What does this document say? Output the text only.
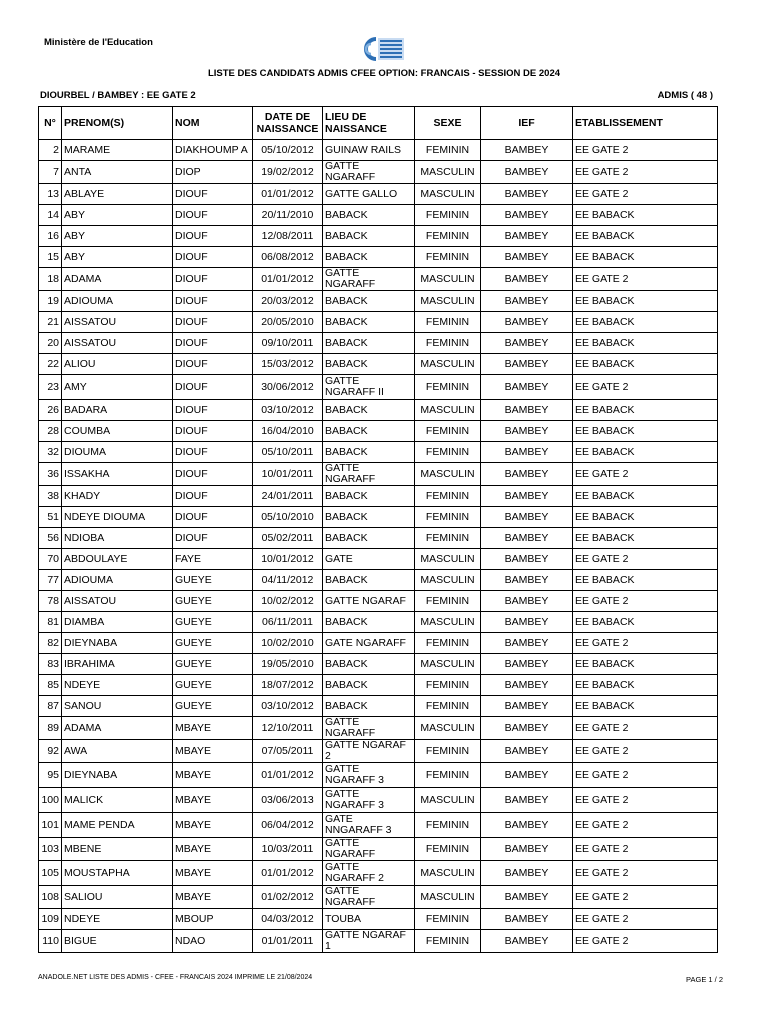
Ministère de l'Education
LISTE DES CANDIDATS ADMIS CFEE OPTION: FRANCAIS - SESSION DE 2024
DIOURBEL / BAMBEY : EE GATE 2	ADMIS ( 48 )
N°	PRENOM(S)	NOM	DATE DE NAISSANCE	LIEU DE NAISSANCE	SEXE	IEF	ETABLISSEMENT
2	MARAME	DIAKHOUMP A	05/10/2012	GUINAW RAILS	FEMININ	BAMBEY	EE GATE 2
7	ANTA	DIOP	19/02/2012	GATTE NGARAFF	MASCULIN	BAMBEY	EE GATE 2
13	ABLAYE	DIOUF	01/01/2012	GATTE GALLO	MASCULIN	BAMBEY	EE GATE 2
14	ABY	DIOUF	20/11/2010	BABACK	FEMININ	BAMBEY	EE BABACK
16	ABY	DIOUF	12/08/2011	BABACK	FEMININ	BAMBEY	EE BABACK
15	ABY	DIOUF	06/08/2012	BABACK	FEMININ	BAMBEY	EE BABACK
18	ADAMA	DIOUF	01/01/2012	GATTE NGARAFF	MASCULIN	BAMBEY	EE GATE 2
19	ADIOUMA	DIOUF	20/03/2012	BABACK	MASCULIN	BAMBEY	EE BABACK
21	AISSATOU	DIOUF	20/05/2010	BABACK	FEMININ	BAMBEY	EE BABACK
20	AISSATOU	DIOUF	09/10/2011	BABACK	FEMININ	BAMBEY	EE BABACK
22	ALIOU	DIOUF	15/03/2012	BABACK	MASCULIN	BAMBEY	EE BABACK
23	AMY	DIOUF	30/06/2012	GATTE NGARAFF II	FEMININ	BAMBEY	EE GATE 2
26	BADARA	DIOUF	03/10/2012	BABACK	MASCULIN	BAMBEY	EE BABACK
28	COUMBA	DIOUF	16/04/2010	BABACK	FEMININ	BAMBEY	EE BABACK
32	DIOUMA	DIOUF	05/10/2011	BABACK	FEMININ	BAMBEY	EE BABACK
36	ISSAKHA	DIOUF	10/01/2011	GATTE NGARAFF	MASCULIN	BAMBEY	EE GATE 2
38	KHADY	DIOUF	24/01/2011	BABACK	FEMININ	BAMBEY	EE BABACK
51	NDEYE DIOUMA	DIOUF	05/10/2010	BABACK	FEMININ	BAMBEY	EE BABACK
56	NDIOBA	DIOUF	05/02/2011	BABACK	FEMININ	BAMBEY	EE BABACK
70	ABDOULAYE	FAYE	10/01/2012	GATE	MASCULIN	BAMBEY	EE GATE 2
77	ADIOUMA	GUEYE	04/11/2012	BABACK	MASCULIN	BAMBEY	EE BABACK
78	AISSATOU	GUEYE	10/02/2012	GATTE NGARAF	FEMININ	BAMBEY	EE GATE 2
81	DIAMBA	GUEYE	06/11/2011	BABACK	MASCULIN	BAMBEY	EE BABACK
82	DIEYNABA	GUEYE	10/02/2010	GATE NGARAFF	FEMININ	BAMBEY	EE GATE 2
83	IBRAHIMA	GUEYE	19/05/2010	BABACK	MASCULIN	BAMBEY	EE BABACK
85	NDEYE	GUEYE	18/07/2012	BABACK	FEMININ	BAMBEY	EE BABACK
87	SANOU	GUEYE	03/10/2012	BABACK	FEMININ	BAMBEY	EE BABACK
89	ADAMA	MBAYE	12/10/2011	GATTE NGARAFF	MASCULIN	BAMBEY	EE GATE 2
92	AWA	MBAYE	07/05/2011	GATTE NGARAF 2	FEMININ	BAMBEY	EE GATE 2
95	DIEYNABA	MBAYE	01/01/2012	GATTE NGARAFF 3	FEMININ	BAMBEY	EE GATE 2
100	MALICK	MBAYE	03/06/2013	GATTE NGARAFF 3	MASCULIN	BAMBEY	EE GATE 2
101	MAME PENDA	MBAYE	06/04/2012	GATE NNGARAFF 3	FEMININ	BAMBEY	EE GATE 2
103	MBENE	MBAYE	10/03/2011	GATTE NGARAFF	FEMININ	BAMBEY	EE GATE 2
105	MOUSTAPHA	MBAYE	01/01/2012	GATTE NGARAFF 2	MASCULIN	BAMBEY	EE GATE 2
108	SALIOU	MBAYE	01/02/2012	GATTE NGARAFF	MASCULIN	BAMBEY	EE GATE 2
109	NDEYE	MBOUP	04/03/2012	TOUBA	FEMININ	BAMBEY	EE GATE 2
110	BIGUE	NDAO	01/01/2011	GATTE NGARAF 1	FEMININ	BAMBEY	EE GATE 2
ANADOLE.NET LISTE DES ADMIS - CFEE - FRANCAIS 2024 IMPRIME LE 21/08/2024	PAGE 1 / 2
